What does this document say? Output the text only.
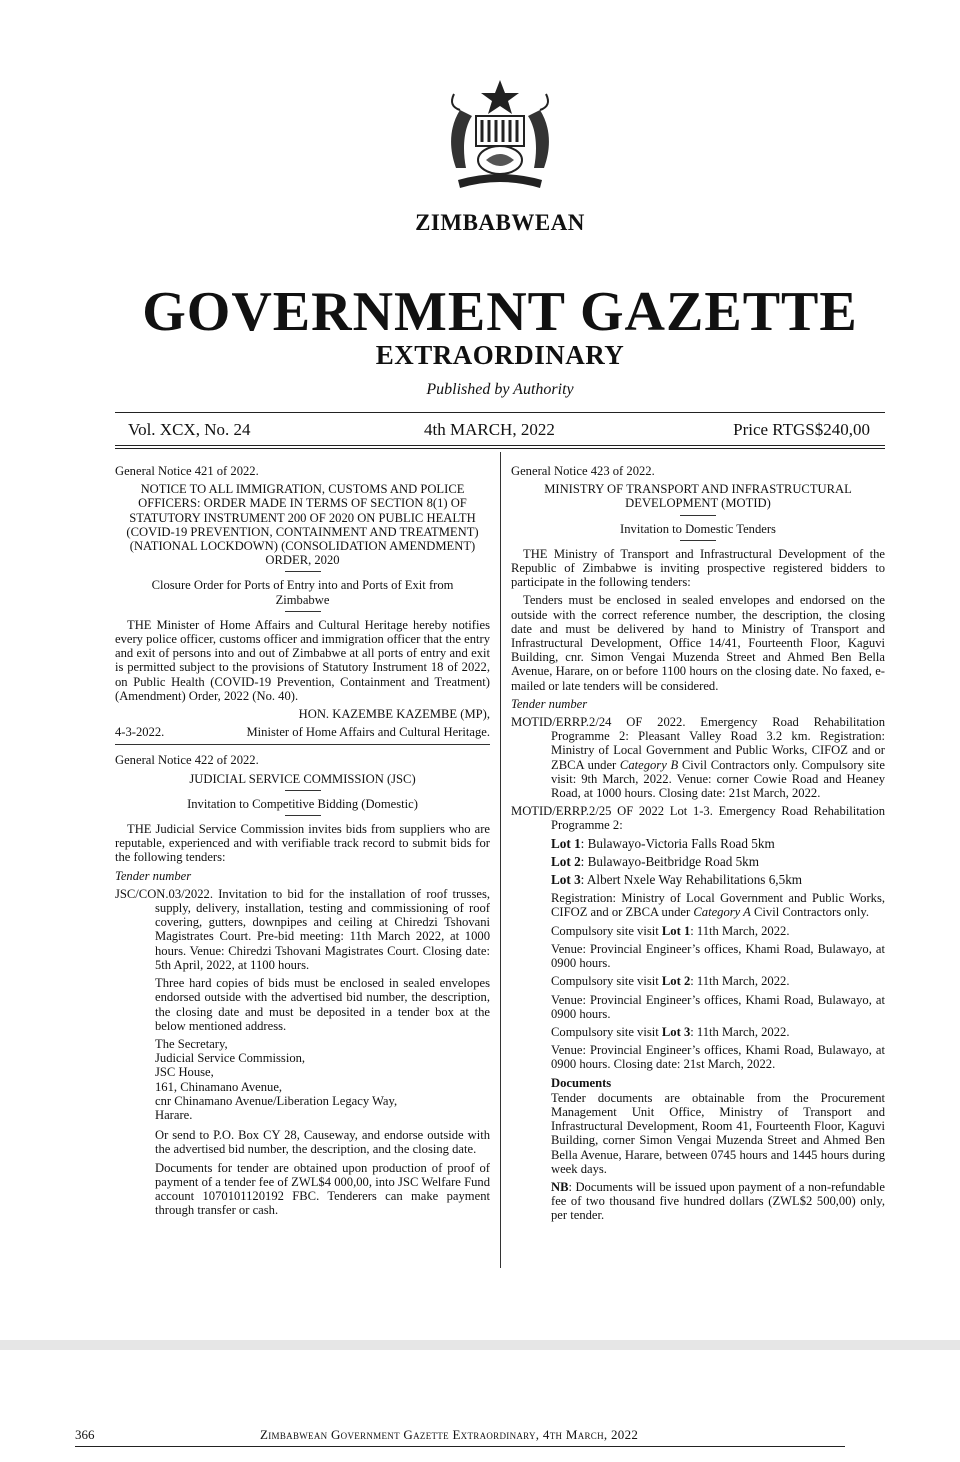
ZIMBABWEAN
GOVERNMENT GAZETTE
EXTRAORDINARY
Published by Authority
Vol. XCX, No. 24	4th MARCH, 2022	Price RTGS$240,00

General Notice 421 of 2022.

NOTICE TO ALL IMMIGRATION, CUSTOMS AND POLICE OFFICERS: ORDER MADE IN TERMS OF SECTION 8(1) OF STATUTORY INSTRUMENT 200 OF 2020 ON PUBLIC HEALTH (COVID-19 PREVENTION, CONTAINMENT AND TREATMENT) (NATIONAL LOCKDOWN) (CONSOLIDATION AMENDMENT) ORDER, 2020

Closure Order for Ports of Entry into and Ports of Exit from Zimbabwe

THE Minister of Home Affairs and Cultural Heritage hereby notifies every police officer, customs officer and immigration officer that the entry and exit of persons into and out of Zimbabwe at all ports of entry and exit is permitted subject to the provisions of Statutory Instrument 18 of 2022, on Public Health (COVID-19 Prevention, Containment and Treatment) (Amendment) Order, 2022 (No. 40).

HON. KAZEMBE KAZEMBE (MP),

4-3-2022.	Minister of Home Affairs and Cultural Heritage.

General Notice 422 of 2022.

JUDICIAL SERVICE COMMISSION (JSC)

Invitation to Competitive Bidding (Domestic)

THE Judicial Service Commission invites bids from suppliers who are reputable, experienced and with verifiable track record to submit bids for the following tenders:

Tender number

JSC/CON.03/2022. Invitation to bid for the installation of roof trusses, supply, delivery, installation, testing and commissioning of roof covering, gutters, downpipes and ceiling at Chiredzi Tshovani Magistrates Court. Pre-bid meeting: 11th March 2022, at 1000 hours. Venue: Chiredzi Tshovani Magistrates Court. Closing date: 5th April, 2022, at 1100 hours.

Three hard copies of bids must be enclosed in sealed envelopes endorsed outside with the advertised bid number, the description, the closing date and must be deposited in a tender box at the below mentioned address.

The Secretary,
Judicial Service Commission,
JSC House,
161, Chinamano Avenue,
cnr Chinamano Avenue/Liberation Legacy Way,
Harare.

Or send to P.O. Box CY 28, Causeway, and endorse outside with the advertised bid number, the description, and the closing date.

Documents for tender are obtained upon production of proof of payment of a tender fee of ZWL$4 000,00, into JSC Welfare Fund account 1070101120192 FBC. Tenderers can make payment through transfer or cash.

General Notice 423 of 2022.

MINISTRY OF TRANSPORT AND INFRASTRUCTURAL DEVELOPMENT (MOTID)

Invitation to Domestic Tenders

THE Ministry of Transport and Infrastructural Development of the Republic of Zimbabwe is inviting prospective registered bidders to participate in the following tenders:

Tenders must be enclosed in sealed envelopes and endorsed on the outside with the correct reference number, the description, the closing date and must be delivered by hand to Ministry of Transport and Infrastructural Development, Office 14/41, Fourteenth Floor, Kaguvi Building, cnr. Simon Vengai Muzenda Street and Ahmed Ben Bella Avenue, Harare, on or before 1100 hours on the closing date. No faxed, e-mailed or late tenders will be considered.

Tender number

MOTID/ERRP.2/24 OF 2022. Emergency Road Rehabilitation Programme 2: Pleasant Valley Road 3.2 km. Registration: Ministry of Local Government and Public Works, CIFOZ and or ZBCA under Category B Civil Contractors only. Compulsory site visit: 9th March, 2022. Venue: corner Cowie Road and Heaney Road, at 1000 hours. Closing date: 21st March, 2022.

MOTID/ERRP.2/25 OF 2022 Lot 1-3. Emergency Road Rehabilitation Programme 2:

Lot 1: Bulawayo-Victoria Falls Road 5km

Lot 2: Bulawayo-Beitbridge Road 5km

Lot 3: Albert Nxele Way Rehabilitations 6,5km

Registration: Ministry of Local Government and Public Works, CIFOZ and or ZBCA under Category A Civil Contractors only.

Compulsory site visit Lot 1: 11th March, 2022.

Venue: Provincial Engineer’s offices, Khami Road, Bulawayo, at 0900 hours.

Compulsory site visit Lot 2: 11th March, 2022.

Venue: Provincial Engineer’s offices, Khami Road, Bulawayo, at 0900 hours.

Compulsory site visit Lot 3: 11th March, 2022.

Venue: Provincial Engineer’s offices, Khami Road, Bulawayo, at 0900 hours. Closing date: 21st March, 2022.

Documents

Tender documents are obtainable from the Procurement Management Unit Office, Ministry of Transport and Infrastructural Development, Room 41, Fourteenth Floor, Kaguvi Building, corner Simon Vengai Muzenda Street and Ahmed Ben Bella Avenue, Harare, between 0745 hours and 1445 hours during week days.

NB: Documents will be issued upon payment of a non-refundable fee of two thousand five hundred dollars (ZWL$2 500,00) only, per tender.

366	Zimbabwean Government Gazette Extraordinary, 4th March, 2022
